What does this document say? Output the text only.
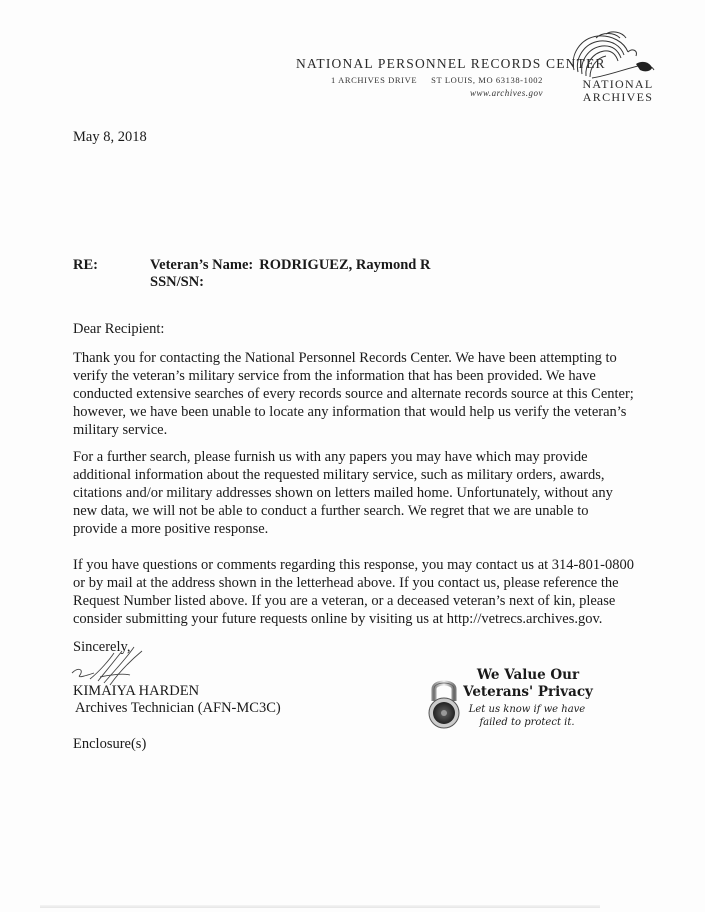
NATIONAL PERSONNEL RECORDS CENTER
1 ARCHIVES DRIVE ST LOUIS, MO 63138-1002
www.archives.gov
NATIONAL
ARCHIVES
May 8, 2018
RE:	Veteran’s Name: RODRIGUEZ, Raymond R
SSN/SN:
Dear Recipient:

Thank you for contacting the National Personnel Records Center. We have been attempting to

verify the veteran’s military service from the information that has been provided. We have

conducted extensive searches of every records source and alternate records source at this Center;

however, we have been unable to locate any information that would help us verify the veteran’s

military service.

For a further search, please furnish us with any papers you may have which may provide

additional information about the requested military service, such as military orders, awards,

citations and/or military addresses shown on letters mailed home. Unfortunately, without any

new data, we will not be able to conduct a further search. We regret that we are unable to

provide a more positive response.

If you have questions or comments regarding this response, you may contact us at 314-801-0800

or by mail at the address shown in the letterhead above. If you contact us, please reference the

Request Number listed above. If you are a veteran, or a deceased veteran’s next of kin, please

consider submitting your future requests online by visiting us at http://vetrecs.archives.gov.

Sincerely,
KIMAIYA HARDEN
Archives Technician (AFN-MC3C)
Enclosure(s)
We Value Our
Veterans' Privacy
Let us know if we have
failed to protect it.
